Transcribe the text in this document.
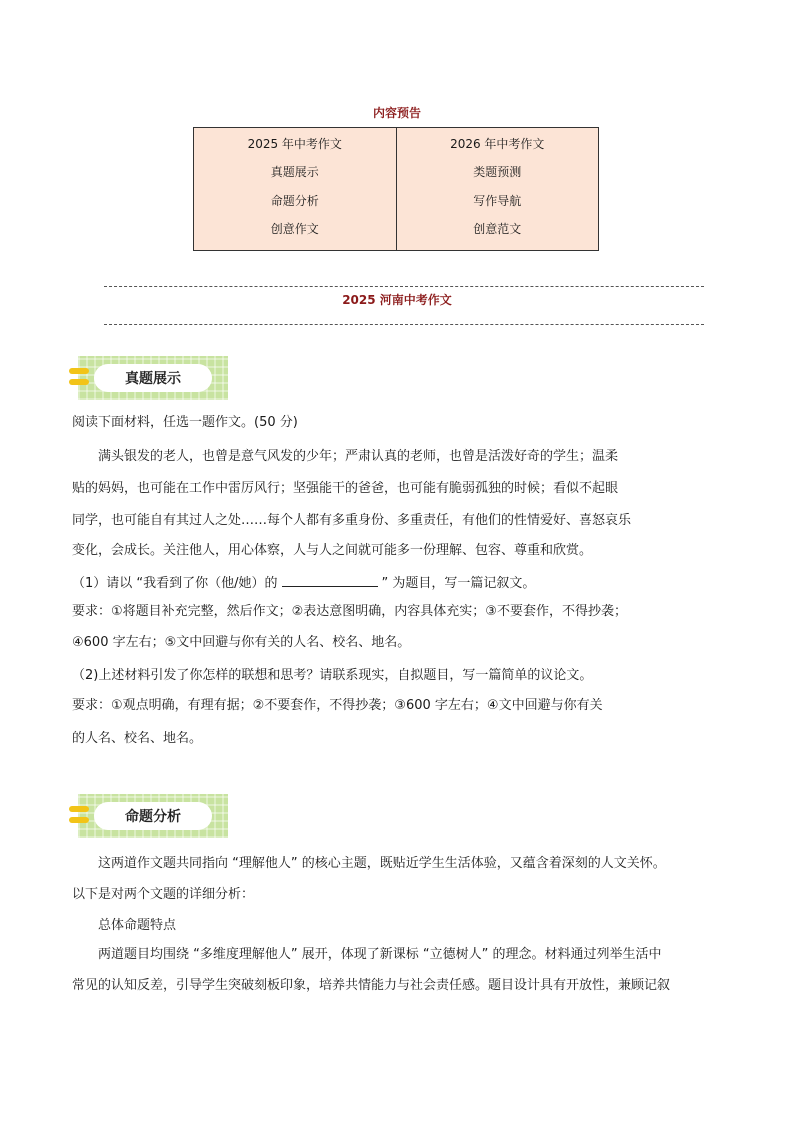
内容预告
2025 年中考作文
真题展示
命题分析
创意作文
2026 年中考作文
类题预测
写作导航
创意范文
2025 河南中考作文
真题展示
阅读下面材料，任选一题作文。(50 分)
满头银发的老人，也曾是意气风发的少年；严肃认真的老师，也曾是活泼好奇的学生；温柔
贴的妈妈，也可能在工作中雷厉风行；坚强能干的爸爸，也可能有脆弱孤独的时候；看似不起眼
同学，也可能自有其过人之处……每个人都有多重身份、多重责任，有他们的性情爱好、喜怒哀乐
变化，会成长。关注他人，用心体察，人与人之间就可能多一份理解、包容、尊重和欣赏。
（1）请以 “我看到了你（他/她）的	” 为题目，写一篇记叙文。
要求：①将题目补充完整，然后作文；②表达意图明确，内容具体充实；③不要套作，不得抄袭；
④600 字左右；⑤文中回避与你有关的人名、校名、地名。
（2)上述材料引发了你怎样的联想和思考？请联系现实，自拟题目，写一篇简单的议论文。
要求：①观点明确，有理有据；②不要套作，不得抄袭；③600 字左右；④文中回避与你有关
的人名、校名、地名。
命题分析
这两道作文题共同指向 “理解他人” 的核心主题，既贴近学生生活体验，又蕴含着深刻的人文关怀。
以下是对两个文题的详细分析：
总体命题特点
两道题目均围绕 “多维度理解他人” 展开，体现了新课标 “立德树人” 的理念。材料通过列举生活中
常见的认知反差，引导学生突破刻板印象，培养共情能力与社会责任感。题目设计具有开放性，兼顾记叙
